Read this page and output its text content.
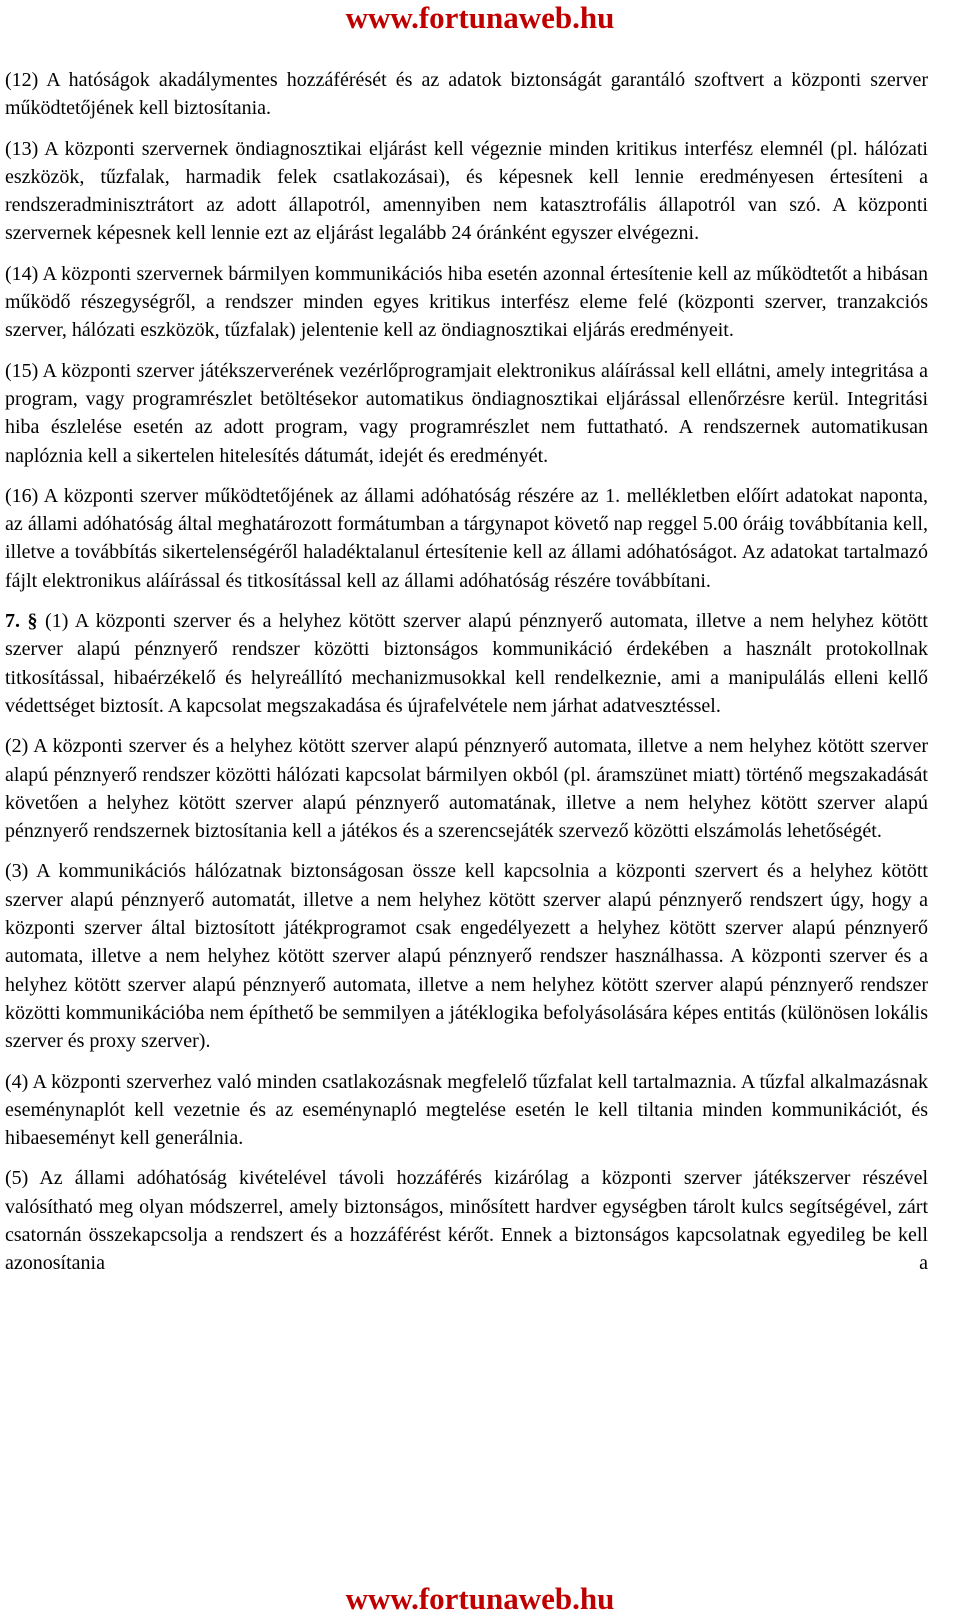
www.fortunaweb.hu

(12) A hatóságok akadálymentes hozzáférését és az adatok biztonságát garantáló szoftvert a központi szerver működtetőjének kell biztosítania.

(13) A központi szervernek öndiagnosztikai eljárást kell végeznie minden kritikus interfész elemnél (pl. hálózati eszközök, tűzfalak, harmadik felek csatlakozásai), és képesnek kell lennie eredményesen értesíteni a rendszeradminisztrátort az adott állapotról, amennyiben nem katasztrofális állapotról van szó. A központi szervernek képesnek kell lennie ezt az eljárást legalább 24 óránként egyszer elvégezni.

(14) A központi szervernek bármilyen kommunikációs hiba esetén azonnal értesítenie kell az működtetőt a hibásan működő részegységről, a rendszer minden egyes kritikus interfész eleme felé (központi szerver, tranzakciós szerver, hálózati eszközök, tűzfalak) jelentenie kell az öndiagnosztikai eljárás eredményeit.

(15) A központi szerver játékszerverének vezérlőprogramjait elektronikus aláírással kell ellátni, amely integritása a program, vagy programrészlet betöltésekor automatikus öndiagnosztikai eljárással ellenőrzésre kerül. Integritási hiba észlelése esetén az adott program, vagy programrészlet nem futtatható. A rendszernek automatikusan naplóznia kell a sikertelen hitelesítés dátumát, idejét és eredményét.

(16) A központi szerver működtetőjének az állami adóhatóság részére az 1. mellékletben előírt adatokat naponta, az állami adóhatóság által meghatározott formátumban a tárgynapot követő nap reggel 5.00 óráig továbbítania kell, illetve a továbbítás sikertelenségéről haladéktalanul értesítenie kell az állami adóhatóságot. Az adatokat tartalmazó fájlt elektronikus aláírással és titkosítással kell az állami adóhatóság részére továbbítani.

7. § (1) A központi szerver és a helyhez kötött szerver alapú pénznyerő automata, illetve a nem helyhez kötött szerver alapú pénznyerő rendszer közötti biztonságos kommunikáció érdekében a használt protokollnak titkosítással, hibaérzékelő és helyreállító mechanizmusokkal kell rendelkeznie, ami a manipulálás elleni kellő védettséget biztosít. A kapcsolat megszakadása és újrafelvétele nem járhat adatvesztéssel.

(2) A központi szerver és a helyhez kötött szerver alapú pénznyerő automata, illetve a nem helyhez kötött szerver alapú pénznyerő rendszer közötti hálózati kapcsolat bármilyen okból (pl. áramszünet miatt) történő megszakadását követően a helyhez kötött szerver alapú pénznyerő automatának, illetve a nem helyhez kötött szerver alapú pénznyerő rendszernek biztosítania kell a játékos és a szerencsejáték szervező közötti elszámolás lehetőségét.

(3) A kommunikációs hálózatnak biztonságosan össze kell kapcsolnia a központi szervert és a helyhez kötött szerver alapú pénznyerő automatát, illetve a nem helyhez kötött szerver alapú pénznyerő rendszert úgy, hogy a központi szerver által biztosított játékprogramot csak engedélyezett a helyhez kötött szerver alapú pénznyerő automata, illetve a nem helyhez kötött szerver alapú pénznyerő rendszer használhassa. A központi szerver és a helyhez kötött szerver alapú pénznyerő automata, illetve a nem helyhez kötött szerver alapú pénznyerő rendszer közötti kommunikációba nem építhető be semmilyen a játéklogika befolyásolására képes entitás (különösen lokális szerver és proxy szerver).

(4) A központi szerverhez való minden csatlakozásnak megfelelő tűzfalat kell tartalmaznia. A tűzfal alkalmazásnak eseménynaplót kell vezetnie és az eseménynapló megtelése esetén le kell tiltania minden kommunikációt, és hibaeseményt kell generálnia.

(5) Az állami adóhatóság kivételével távoli hozzáférés kizárólag a központi szerver játékszerver részével valósítható meg olyan módszerrel, amely biztonságos, minősített hardver egységben tárolt kulcs segítségével, zárt csatornán összekapcsolja a rendszert és a hozzáférést kérőt. Ennek a biztonságos kapcsolatnak egyedileg be kell azonosítania a

www.fortunaweb.hu
